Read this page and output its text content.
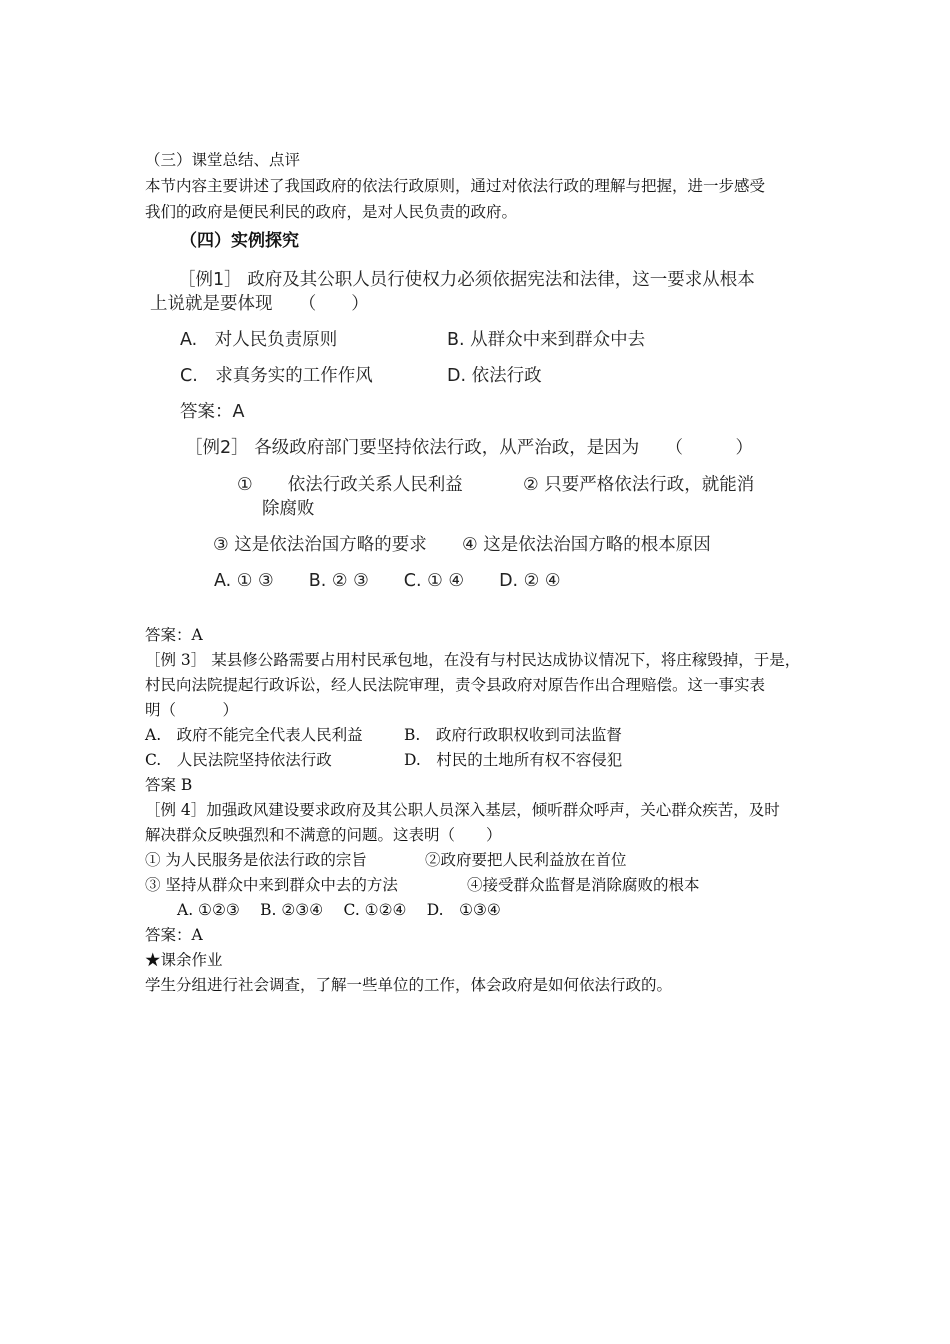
（三）课堂总结、点评
本节内容主要讲述了我国政府的依法行政原则，通过对依法行政的理解与把握，进一步感受
我们的政府是便民利民的政府，是对人民负责的政府。
（四）实例探究
［例1］ 政府及其公职人员行使权力必须依据宪法和法律，这一要求从根本
上说就是要体现　　（　　）
A.　对人民负责原则	B. 从群众中来到群众中去
C.　求真务实的工作作风	D. 依法行政
答案：A
［例2］ 各级政府部门要坚持依法行政，从严治政，是因为　　（　　　）
①　　依法行政关系人民利益	② 只要严格依法行政，就能消
除腐败
③ 这是依法治国方略的要求 ④ 这是依法治国方略的根本原因
A. ① ③　　B. ② ③　　C. ① ④　　D. ② ④
答案：A
［例 3］ 某县修公路需要占用村民承包地，在没有与村民达成协议情况下，将庄稼毁掉，于是，
村民向法院提起行政诉讼，经人民法院审理，责令县政府对原告作出合理赔偿。这一事实表
明（　　　）
A.　政府不能完全代表人民利益	B.　政府行政职权收到司法监督
C.　人民法院坚持依法行政	D.　村民的土地所有权不容侵犯
答案 B
［例 4］加强政风建设要求政府及其公职人员深入基层，倾听群众呼声，关心群众疾苦，及时
解决群众反映强烈和不满意的问题。这表明（　　）
① 为人民服务是依法行政的宗旨	②政府要把人民利益放在首位
③ 坚持从群众中来到群众中去的方法	④接受群众监督是消除腐败的根本
A. ①②③　 B. ②③④　 C. ①②④　 D.　①③④
答案：A
★课余作业
学生分组进行社会调查，了解一些单位的工作，体会政府是如何依法行政的。
